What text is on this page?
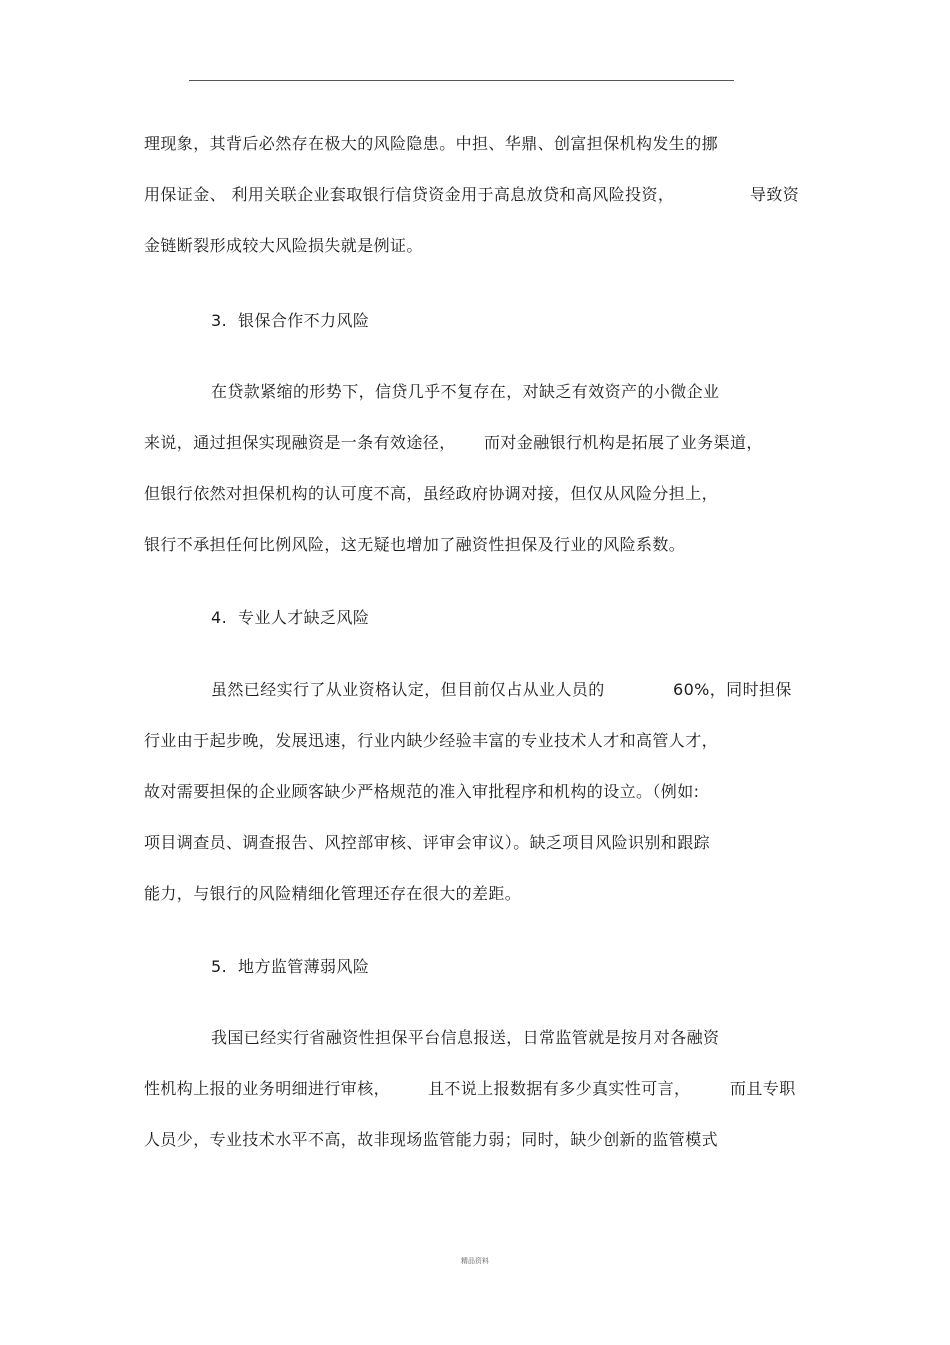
理现象，其背后必然存在极大的风险隐患。中担、华鼎、创富担保机构发生的挪
用保证金、 利用关联企业套取银行信贷资金用于高息放贷和高风险投资，	导致资
金链断裂形成较大风险损失就是例证。
3.  银保合作不力风险
在贷款紧缩的形势下，信贷几乎不复存在，对缺乏有效资产的小微企业
来说，通过担保实现融资是一条有效途径， 而对金融银行机构是拓展了业务渠道，
但银行依然对担保机构的认可度不高，虽经政府协调对接，但仅从风险分担上，
银行不承担任何比例风险，这无疑也增加了融资性担保及行业的风险系数。
4.  专业人才缺乏风险
虽然已经实行了从业资格认定，但目前仅占从业人员的	60%，同时担保
行业由于起步晚，发展迅速，行业内缺少经验丰富的专业技术人才和高管人才，
故对需要担保的企业顾客缺少严格规范的准入审批程序和机构的设立。（例如:
项目调查员、调查报告、风控部审核、评审会审议）。缺乏项目风险识别和跟踪
能力，与银行的风险精细化管理还存在很大的差距。
5.  地方监管薄弱风险
我国已经实行省融资性担保平台信息报送，日常监管就是按月对各融资
性机构上报的业务明细进行审核， 且不说上报数据有多少真实性可言， 而且专职
人员少，专业技术水平不高，故非现场监管能力弱；同时，缺少创新的监管模式
精品资料
